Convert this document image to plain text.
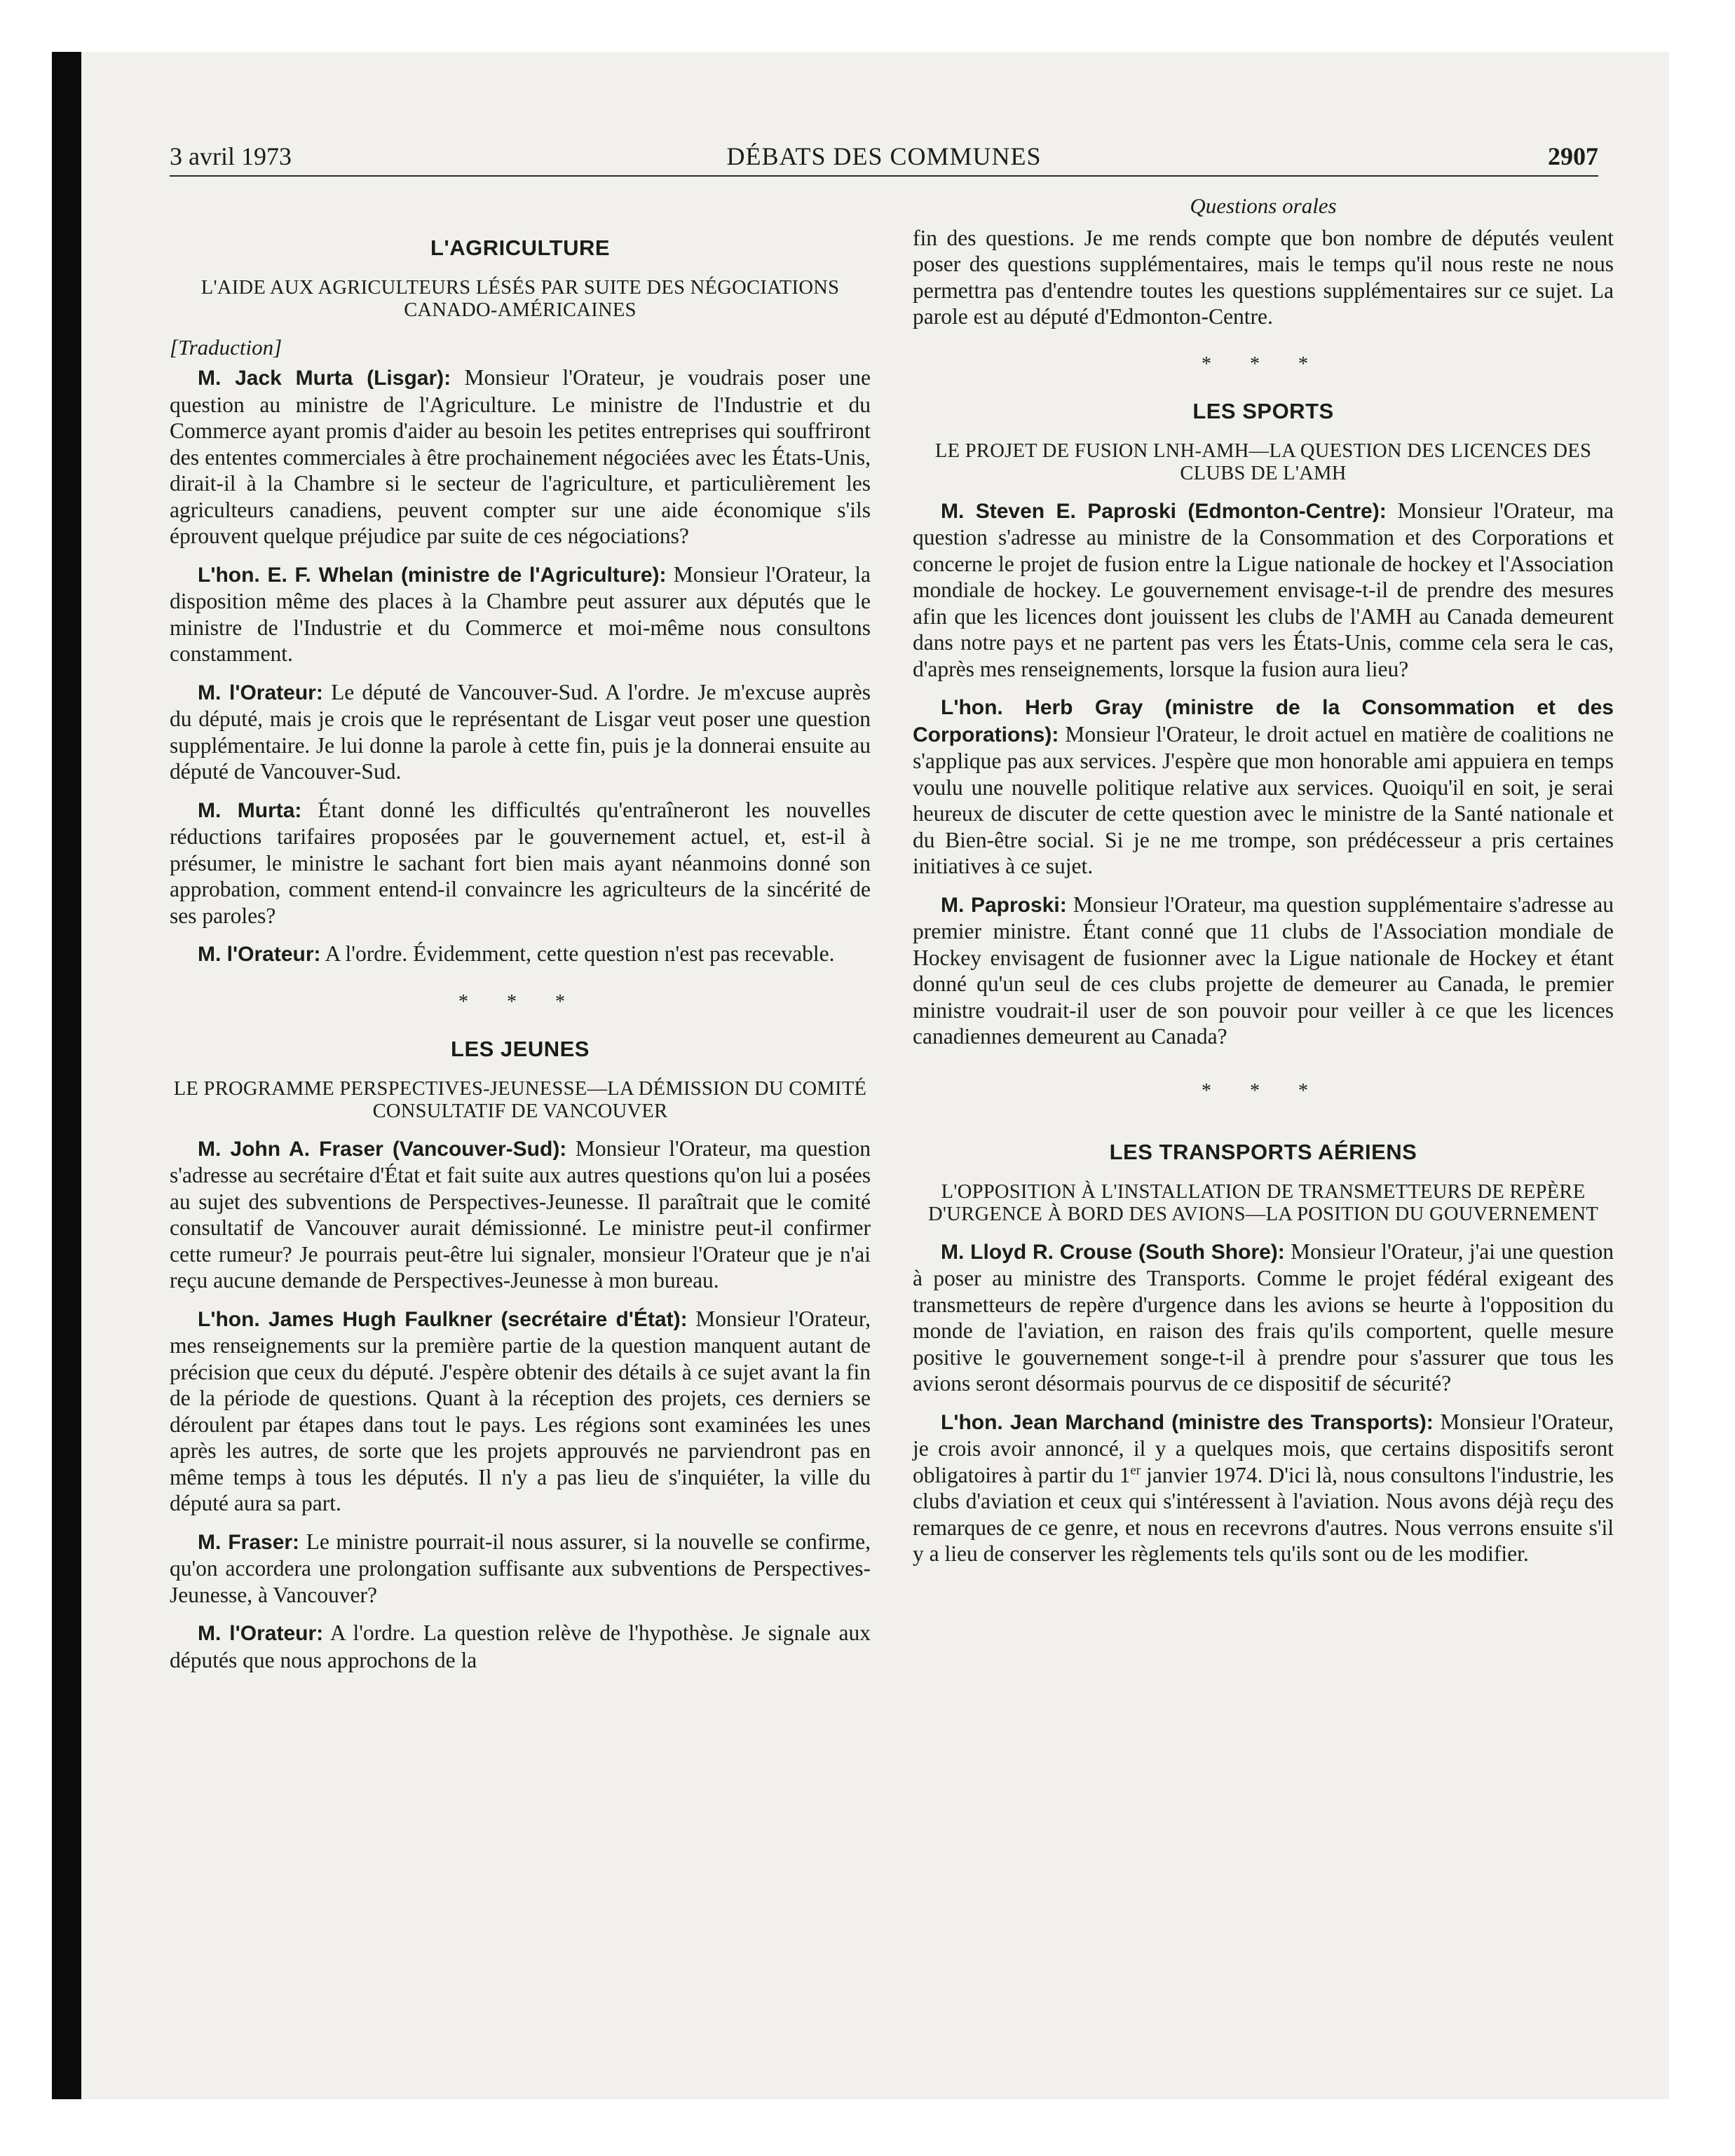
3 avril 1973	DÉBATS DES COMMUNES	2907
L'AGRICULTURE
L'AIDE AUX AGRICULTEURS LÉSÉS PAR SUITE DES NÉGOCIATIONS CANADO-AMÉRICAINES
[Traduction]

M. Jack Murta (Lisgar): Monsieur l'Orateur, je voudrais poser une question au ministre de l'Agriculture. Le ministre de l'Industrie et du Commerce ayant promis d'aider au besoin les petites entreprises qui souffriront des ententes commerciales à être prochainement négociées avec les États-Unis, dirait-il à la Chambre si le secteur de l'agriculture, et particulièrement les agriculteurs canadiens, peuvent compter sur une aide économique s'ils éprouvent quelque préjudice par suite de ces négociations?

L'hon. E. F. Whelan (ministre de l'Agriculture): Monsieur l'Orateur, la disposition même des places à la Chambre peut assurer aux députés que le ministre de l'Industrie et du Commerce et moi-même nous consultons constamment.

M. l'Orateur: Le député de Vancouver-Sud. A l'ordre. Je m'excuse auprès du député, mais je crois que le représentant de Lisgar veut poser une question supplémentaire. Je lui donne la parole à cette fin, puis je la donnerai ensuite au député de Vancouver-Sud.

M. Murta: Étant donné les difficultés qu'entraîneront les nouvelles réductions tarifaires proposées par le gouvernement actuel, et, est-il à présumer, le ministre le sachant fort bien mais ayant néanmoins donné son approbation, comment entend-il convaincre les agriculteurs de la sincérité de ses paroles?

M. l'Orateur: A l'ordre. Évidemment, cette question n'est pas recevable.

* * *
LES JEUNES
LE PROGRAMME PERSPECTIVES-JEUNESSE—LA DÉMISSION DU COMITÉ CONSULTATIF DE VANCOUVER

M. John A. Fraser (Vancouver-Sud): Monsieur l'Orateur, ma question s'adresse au secrétaire d'État et fait suite aux autres questions qu'on lui a posées au sujet des subventions de Perspectives-Jeunesse. Il paraîtrait que le comité consultatif de Vancouver aurait démissionné. Le ministre peut-il confirmer cette rumeur? Je pourrais peut-être lui signaler, monsieur l'Orateur que je n'ai reçu aucune demande de Perspectives-Jeunesse à mon bureau.

L'hon. James Hugh Faulkner (secrétaire d'État): Monsieur l'Orateur, mes renseignements sur la première partie de la question manquent autant de précision que ceux du député. J'espère obtenir des détails à ce sujet avant la fin de la période de questions. Quant à la réception des projets, ces derniers se déroulent par étapes dans tout le pays. Les régions sont examinées les unes après les autres, de sorte que les projets approuvés ne parviendront pas en même temps à tous les députés. Il n'y a pas lieu de s'inquiéter, la ville du député aura sa part.

M. Fraser: Le ministre pourrait-il nous assurer, si la nouvelle se confirme, qu'on accordera une prolongation suffisante aux subventions de Perspectives-Jeunesse, à Vancouver?

M. l'Orateur: A l'ordre. La question relève de l'hypothèse. Je signale aux députés que nous approchons de la

Questions orales

fin des questions. Je me rends compte que bon nombre de députés veulent poser des questions supplémentaires, mais le temps qu'il nous reste ne nous permettra pas d'entendre toutes les questions supplémentaires sur ce sujet. La parole est au député d'Edmonton-Centre.

* * *
LES SPORTS
LE PROJET DE FUSION LNH-AMH—LA QUESTION DES LICENCES DES CLUBS DE L'AMH

M. Steven E. Paproski (Edmonton-Centre): Monsieur l'Orateur, ma question s'adresse au ministre de la Consommation et des Corporations et concerne le projet de fusion entre la Ligue nationale de hockey et l'Association mondiale de hockey. Le gouvernement envisage-t-il de prendre des mesures afin que les licences dont jouissent les clubs de l'AMH au Canada demeurent dans notre pays et ne partent pas vers les États-Unis, comme cela sera le cas, d'après mes renseignements, lorsque la fusion aura lieu?

L'hon. Herb Gray (ministre de la Consommation et des Corporations): Monsieur l'Orateur, le droit actuel en matière de coalitions ne s'applique pas aux services. J'espère que mon honorable ami appuiera en temps voulu une nouvelle politique relative aux services. Quoiqu'il en soit, je serai heureux de discuter de cette question avec le ministre de la Santé nationale et du Bien-être social. Si je ne me trompe, son prédécesseur a pris certaines initiatives à ce sujet.

M. Paproski: Monsieur l'Orateur, ma question supplémentaire s'adresse au premier ministre. Étant conné que 11 clubs de l'Association mondiale de Hockey envisagent de fusionner avec la Ligue nationale de Hockey et étant donné qu'un seul de ces clubs projette de demeurer au Canada, le premier ministre voudrait-il user de son pouvoir pour veiller à ce que les licences canadiennes demeurent au Canada?

* * *
LES TRANSPORTS AÉRIENS
L'OPPOSITION À L'INSTALLATION DE TRANSMETTEURS DE REPÈRE D'URGENCE À BORD DES AVIONS—LA POSITION DU GOUVERNEMENT

M. Lloyd R. Crouse (South Shore): Monsieur l'Orateur, j'ai une question à poser au ministre des Transports. Comme le projet fédéral exigeant des transmetteurs de repère d'urgence dans les avions se heurte à l'opposition du monde de l'aviation, en raison des frais qu'ils comportent, quelle mesure positive le gouvernement songe-t-il à prendre pour s'assurer que tous les avions seront désormais pourvus de ce dispositif de sécurité?

L'hon. Jean Marchand (ministre des Transports): Monsieur l'Orateur, je crois avoir annoncé, il y a quelques mois, que certains dispositifs seront obligatoires à partir du 1er janvier 1974. D'ici là, nous consultons l'industrie, les clubs d'aviation et ceux qui s'intéressent à l'aviation. Nous avons déjà reçu des remarques de ce genre, et nous en recevrons d'autres. Nous verrons ensuite s'il y a lieu de conserver les règlements tels qu'ils sont ou de les modifier.
